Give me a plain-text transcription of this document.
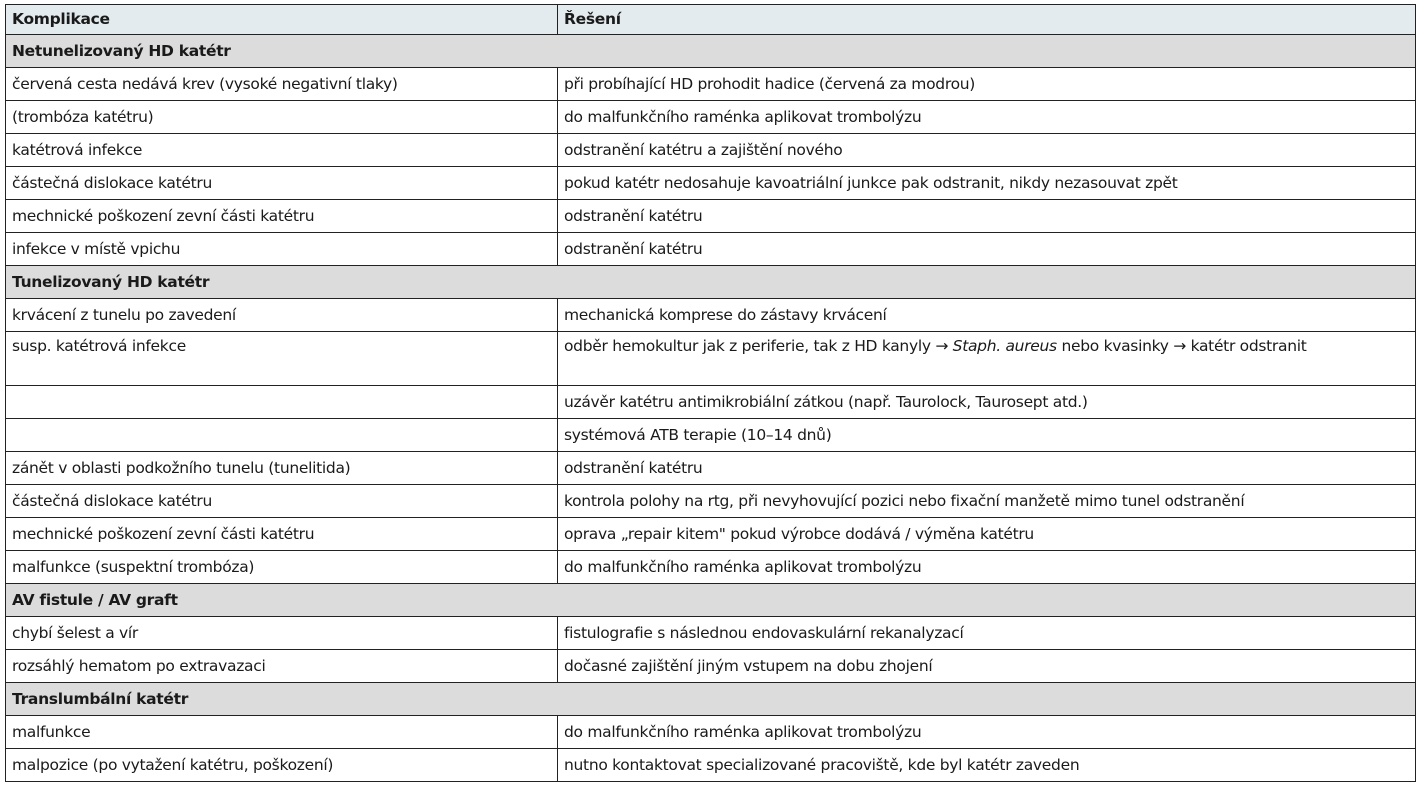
Komplikace	Řešení
Netunelizovaný HD katétr	
červená cesta nedává krev (vysoké negativní tlaky)	při probíhající HD prohodit hadice (červená za modrou)
(trombóza katétru)	do malfunkčního raménka aplikovat trombolýzu
katétrová infekce	odstranění katétru a zajištění nového
částečná dislokace katétru	pokud katétr nedosahuje kavoatriální junkce pak odstranit, nikdy nezasouvat zpět
mechnické poškození zevní části katétru	odstranění katétru
infekce v místě vpichu	odstranění katétru
Tunelizovaný HD katétr	
krvácení z tunelu po zavedení	mechanická komprese do zástavy krvácení
susp. katétrová infekce	odběr hemokultur jak z periferie, tak z HD kanyly → Staph. aureus nebo kvasinky → katétr odstranit
	uzávěr katétru antimikrobiální zátkou (např. Taurolock, Taurosept atd.)
	systémová ATB terapie (10–14 dnů)
zánět v oblasti podkožního tunelu (tunelitida)	odstranění katétru
částečná dislokace katétru	kontrola polohy na rtg, při nevyhovující pozici nebo fixační manžetě mimo tunel odstranění
mechnické poškození zevní části katétru	oprava „repair kitem" pokud výrobce dodává / výměna katétru
malfunkce (suspektní trombóza)	do malfunkčního raménka aplikovat trombolýzu
AV fistule / AV graft	
chybí šelest a vír	fistulografie s následnou endovaskulární rekanalyzací
rozsáhlý hematom po extravazaci	dočasné zajištění jiným vstupem na dobu zhojení
Translumbální katétr	
malfunkce	do malfunkčního raménka aplikovat trombolýzu
malpozice (po vytažení katétru, poškození)	nutno kontaktovat specializované pracoviště, kde byl katétr zaveden
